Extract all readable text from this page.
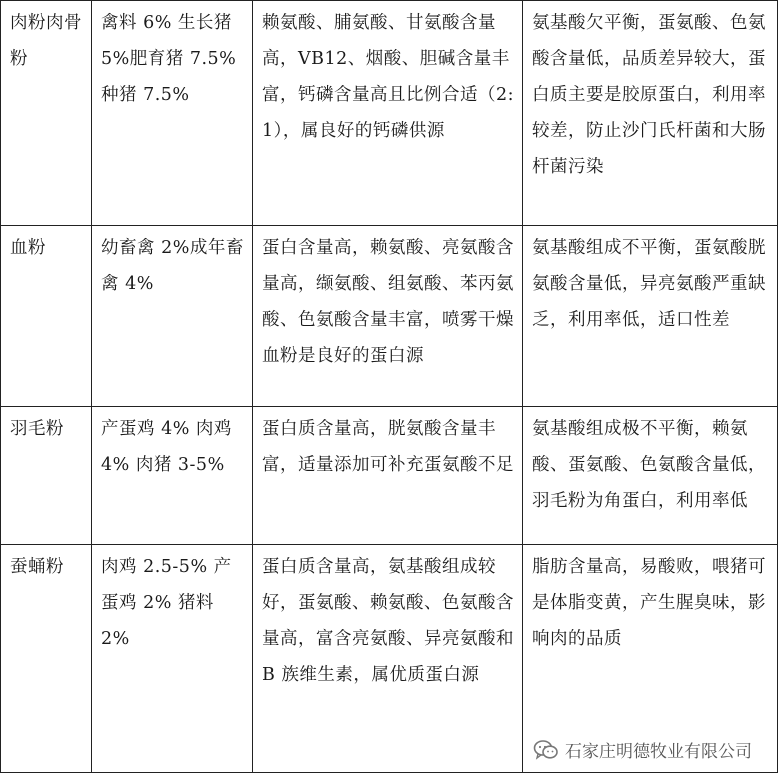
肉粉肉骨粉	禽料 6% 生长猪 5%肥育猪 7.5% 种猪 7.5%	赖氨酸、脯氨酸、甘氨酸含量高，VB12、烟酸、胆碱含量丰富，钙磷含量高且比例合适（2:1），属良好的钙磷供源	氨基酸欠平衡，蛋氨酸、色氨酸含量低，品质差异较大，蛋白质主要是胶原蛋白，利用率较差，防止沙门氏杆菌和大肠杆菌污染
血粉	幼畜禽 2%成年畜禽 4%	蛋白含量高，赖氨酸、亮氨酸含量高，缬氨酸、组氨酸、苯丙氨酸、色氨酸含量丰富，喷雾干燥血粉是良好的蛋白源	氨基酸组成不平衡，蛋氨酸胱氨酸含量低，异亮氨酸严重缺乏，利用率低，适口性差
羽毛粉	产蛋鸡 4% 肉鸡 4% 肉猪 3-5%	蛋白质含量高，胱氨酸含量丰富，适量添加可补充蛋氨酸不足	氨基酸组成极不平衡，赖氨酸、蛋氨酸、色氨酸含量低，羽毛粉为角蛋白，利用率低
蚕蛹粉	肉鸡 2.5-5% 产蛋鸡 2% 猪料 2%	蛋白质含量高，氨基酸组成较好，蛋氨酸、赖氨酸、色氨酸含量高，富含亮氨酸、异亮氨酸和 B 族维生素，属优质蛋白源	脂肪含量高，易酸败，喂猪可是体脂变黄，产生腥臭味，影响肉的品质
石家庄明德牧业有限公司
